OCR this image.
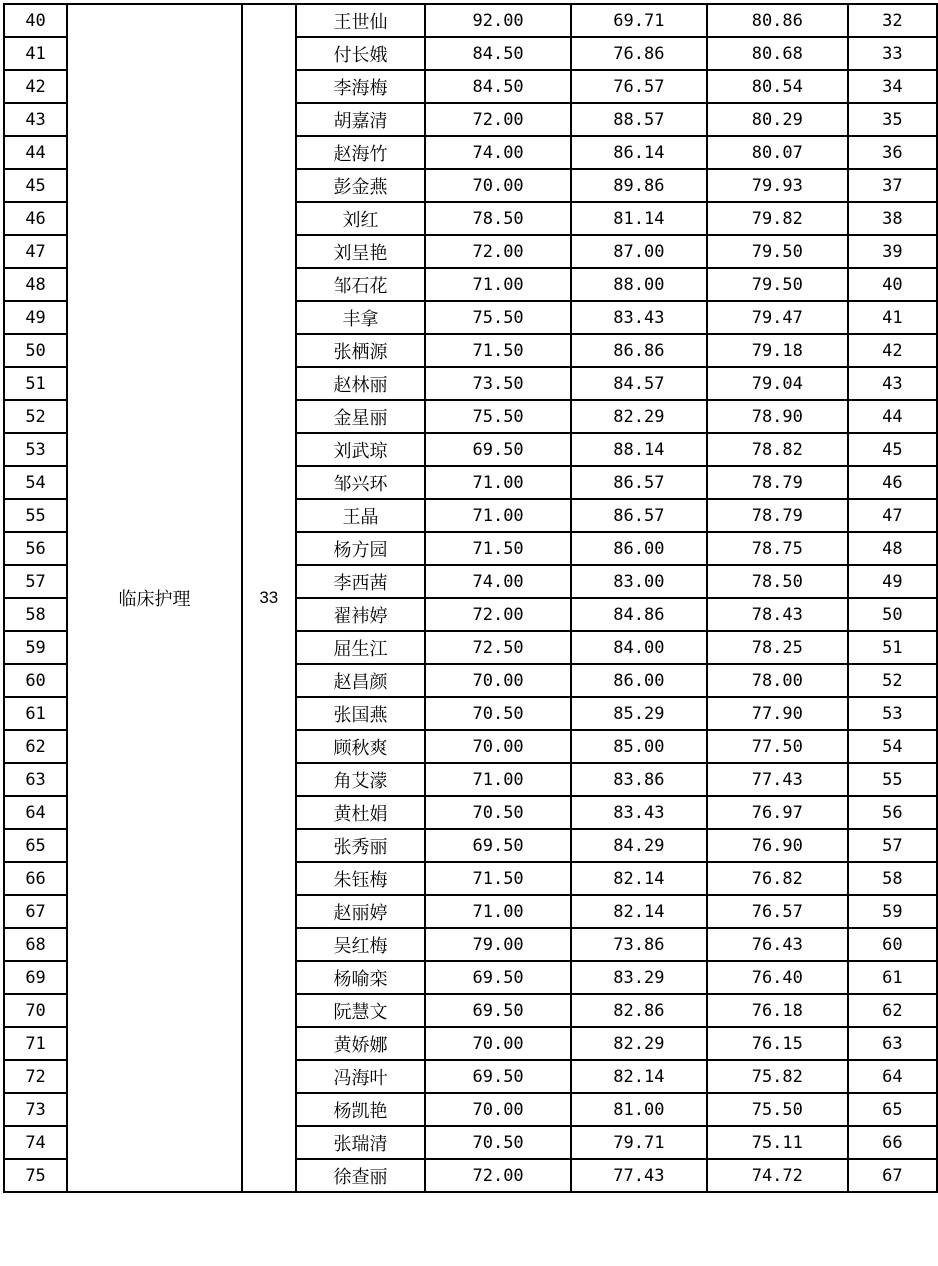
40	临床护理	33	王世仙	92.00	69.71	80.86	32
41			付长娥	84.50	76.86	80.68	33
42			李海梅	84.50	76.57	80.54	34
43			胡嘉清	72.00	88.57	80.29	35
44			赵海竹	74.00	86.14	80.07	36
45			彭金燕	70.00	89.86	79.93	37
46			刘红	78.50	81.14	79.82	38
47			刘呈艳	72.00	87.00	79.50	39
48			邹石花	71.00	88.00	79.50	40
49			丰拿	75.50	83.43	79.47	41
50			张栖源	71.50	86.86	79.18	42
51			赵林丽	73.50	84.57	79.04	43
52			金星丽	75.50	82.29	78.90	44
53			刘武琼	69.50	88.14	78.82	45
54			邹兴环	71.00	86.57	78.79	46
55			王晶	71.00	86.57	78.79	47
56			杨方园	71.50	86.00	78.75	48
57			李西茜	74.00	83.00	78.50	49
58			翟袆婷	72.00	84.86	78.43	50
59			屈生江	72.50	84.00	78.25	51
60			赵昌颜	70.00	86.00	78.00	52
61			张国燕	70.50	85.29	77.90	53
62			顾秋爽	70.00	85.00	77.50	54
63			角艾濛	71.00	83.86	77.43	55
64			黄杜娟	70.50	83.43	76.97	56
65			张秀丽	69.50	84.29	76.90	57
66			朱钰梅	71.50	82.14	76.82	58
67			赵丽婷	71.00	82.14	76.57	59
68			吴红梅	79.00	73.86	76.43	60
69			杨喻栾	69.50	83.29	76.40	61
70			阮慧文	69.50	82.86	76.18	62
71			黄娇娜	70.00	82.29	76.15	63
72			冯海叶	69.50	82.14	75.82	64
73			杨凯艳	70.00	81.00	75.50	65
74			张瑞清	70.50	79.71	75.11	66
75			徐查丽	72.00	77.43	74.72	67
